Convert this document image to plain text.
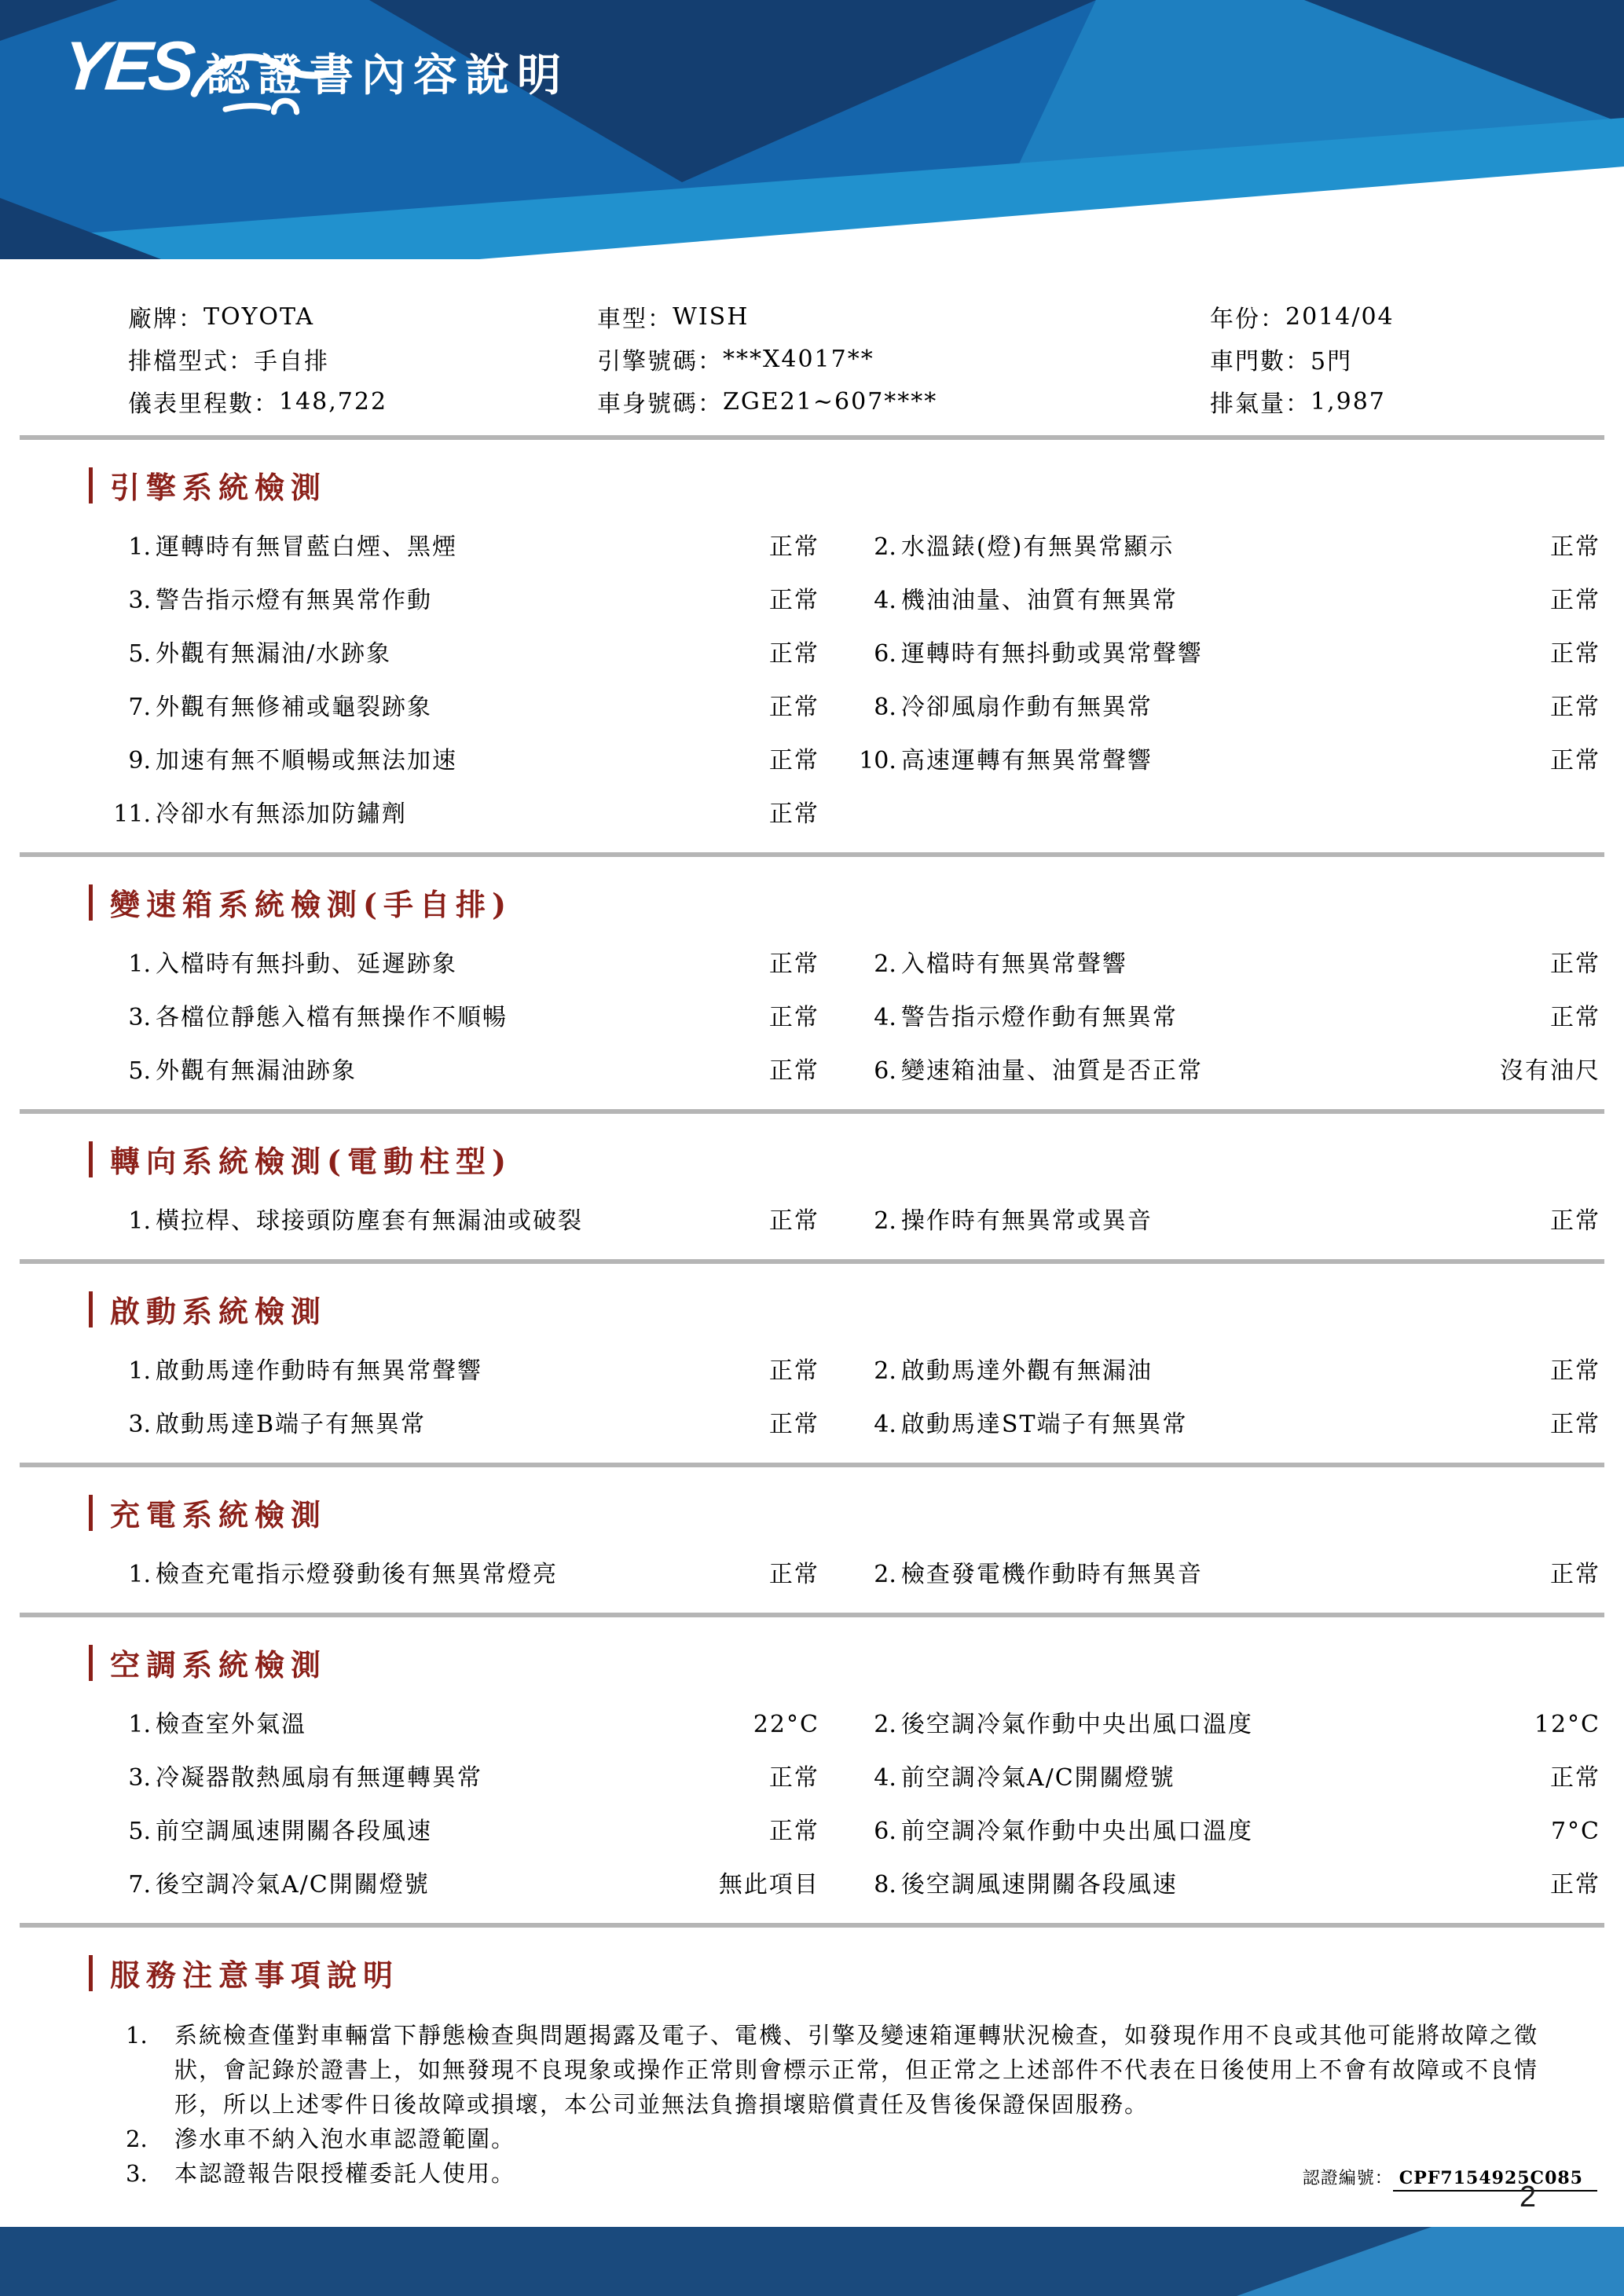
YES 認證書內容說明
廠牌： TOYOTA	車型： WISH	年份： 2014/04
排檔型式： 手自排	引擎號碼： ***X4017**	車門數： 5門
儀表里程數： 148,722	車身號碼： ZGE21~607****	排氣量： 1,987
引擎系統檢測
1. 運轉時有無冒藍白煙、黑煙	正常	2. 水溫錶(燈)有無異常顯示	正常
3. 警告指示燈有無異常作動	正常	4. 機油油量、油質有無異常	正常
5. 外觀有無漏油/水跡象	正常	6. 運轉時有無抖動或異常聲響	正常
7. 外觀有無修補或龜裂跡象	正常	8. 冷卻風扇作動有無異常	正常
9. 加速有無不順暢或無法加速	正常 10. 高速運轉有無異常聲響	正常
11. 冷卻水有無添加防鏽劑	正常
變速箱系統檢測(手自排)
1. 入檔時有無抖動、延遲跡象	正常	2. 入檔時有無異常聲響	正常
3. 各檔位靜態入檔有無操作不順暢	正常	4. 警告指示燈作動有無異常	正常
5. 外觀有無漏油跡象	正常	6. 變速箱油量、油質是否正常	沒有油尺
轉向系統檢測(電動柱型)
1. 橫拉桿、球接頭防塵套有無漏油或破裂	正常	2. 操作時有無異常或異音	正常
啟動系統檢測
1. 啟動馬達作動時有無異常聲響	正常	2. 啟動馬達外觀有無漏油	正常
3. 啟動馬達B端子有無異常	正常	4. 啟動馬達ST端子有無異常	正常
充電系統檢測
1. 檢查充電指示燈發動後有無異常燈亮	正常	2. 檢查發電機作動時有無異音	正常
空調系統檢測
1. 檢查室外氣溫	22°C	2. 後空調冷氣作動中央出風口溫度	12°C
3. 冷凝器散熱風扇有無運轉異常	正常	4. 前空調冷氣A/C開關燈號	正常
5. 前空調風速開關各段風速	正常	6. 前空調冷氣作動中央出風口溫度	7°C
7. 後空調冷氣A/C開關燈號	無此項目	8. 後空調風速開關各段風速	正常
服務注意事項說明
1.	系統檢查僅對車輛當下靜態檢查與問題揭露及電子、電機、引擎及變速箱運轉狀況檢查，如發現作用不良或其他可能將故障之徵狀，會記錄於證書上，如無發現不良現象或操作正常則會標示正常，但正常之上述部件不代表在日後使用上不會有故障或不良情形，所以上述零件日後故障或損壞，本公司並無法負擔損壞賠償責任及售後保證保固服務。
2.	滲水車不納入泡水車認證範圍。
3.	本認證報告限授權委託人使用。	認證編號： CPF7154925C085
2
